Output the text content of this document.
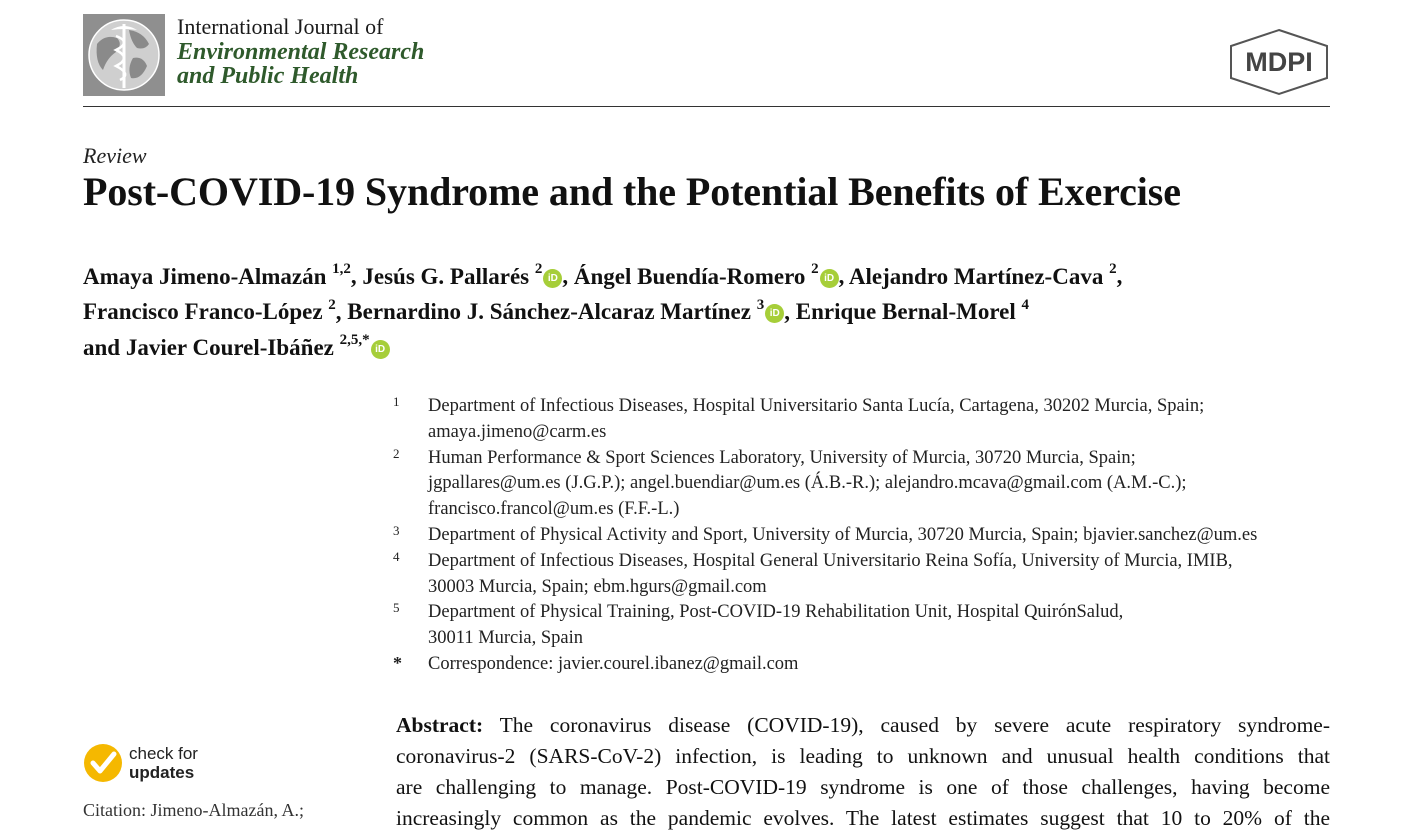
International Journal of
Environmental Research
and Public Health	MDPI
Review
Post-COVID-19 Syndrome and the Potential Benefits of Exercise
Amaya Jimeno-Almazán $^{1,2}$, Jesús G. Pallarés $^2$iD , Ángel Buendía-Romero $^2$iD , Alejandro Martínez-Cava $^2$,
Francisco Franco-López $^2$, Bernardino J. Sánchez-Alcaraz Martínez $^3$iD , Enrique Bernal-Morel $^4$
and Javier Courel-Ibáñez $^{2,5,*}$iD
1 Department of Infectious Diseases, Hospital Universitario Santa Lucía, Cartagena, 30202 Murcia, Spain;
amaya.jimeno@carm.es
2 Human Performance & Sport Sciences Laboratory, University of Murcia, 30720 Murcia, Spain;
jgpallares@um.es (J.G.P.); angel.buendiar@um.es (Á.B.-R.); alejandro.mcava@gmail.com (A.M.-C.);
francisco.francol@um.es (F.F.-L.)
3 Department of Physical Activity and Sport, University of Murcia, 30720 Murcia, Spain; bjavier.sanchez@um.es
4 Department of Infectious Diseases, Hospital General Universitario Reina Sofía, University of Murcia, IMIB,
30003 Murcia, Spain; ebm.hgurs@gmail.com
5 Department of Physical Training, Post-COVID-19 Rehabilitation Unit, Hospital QuirónSalud,
30011 Murcia, Spain
* Correspondence: javier.courel.ibanez@gmail.com
check for
updates
Citation: Jimeno-Almazán, A.;
Abstract: The coronavirus disease (COVID-19), caused by severe acute respiratory syndrome-
coronavirus-2 (SARS-CoV-2) infection, is leading to unknown and unusual health conditions that
are challenging to manage. Post-COVID-19 syndrome is one of those challenges, having become
increasingly common as the pandemic evolves. The latest estimates suggest that 10 to 20% of the
